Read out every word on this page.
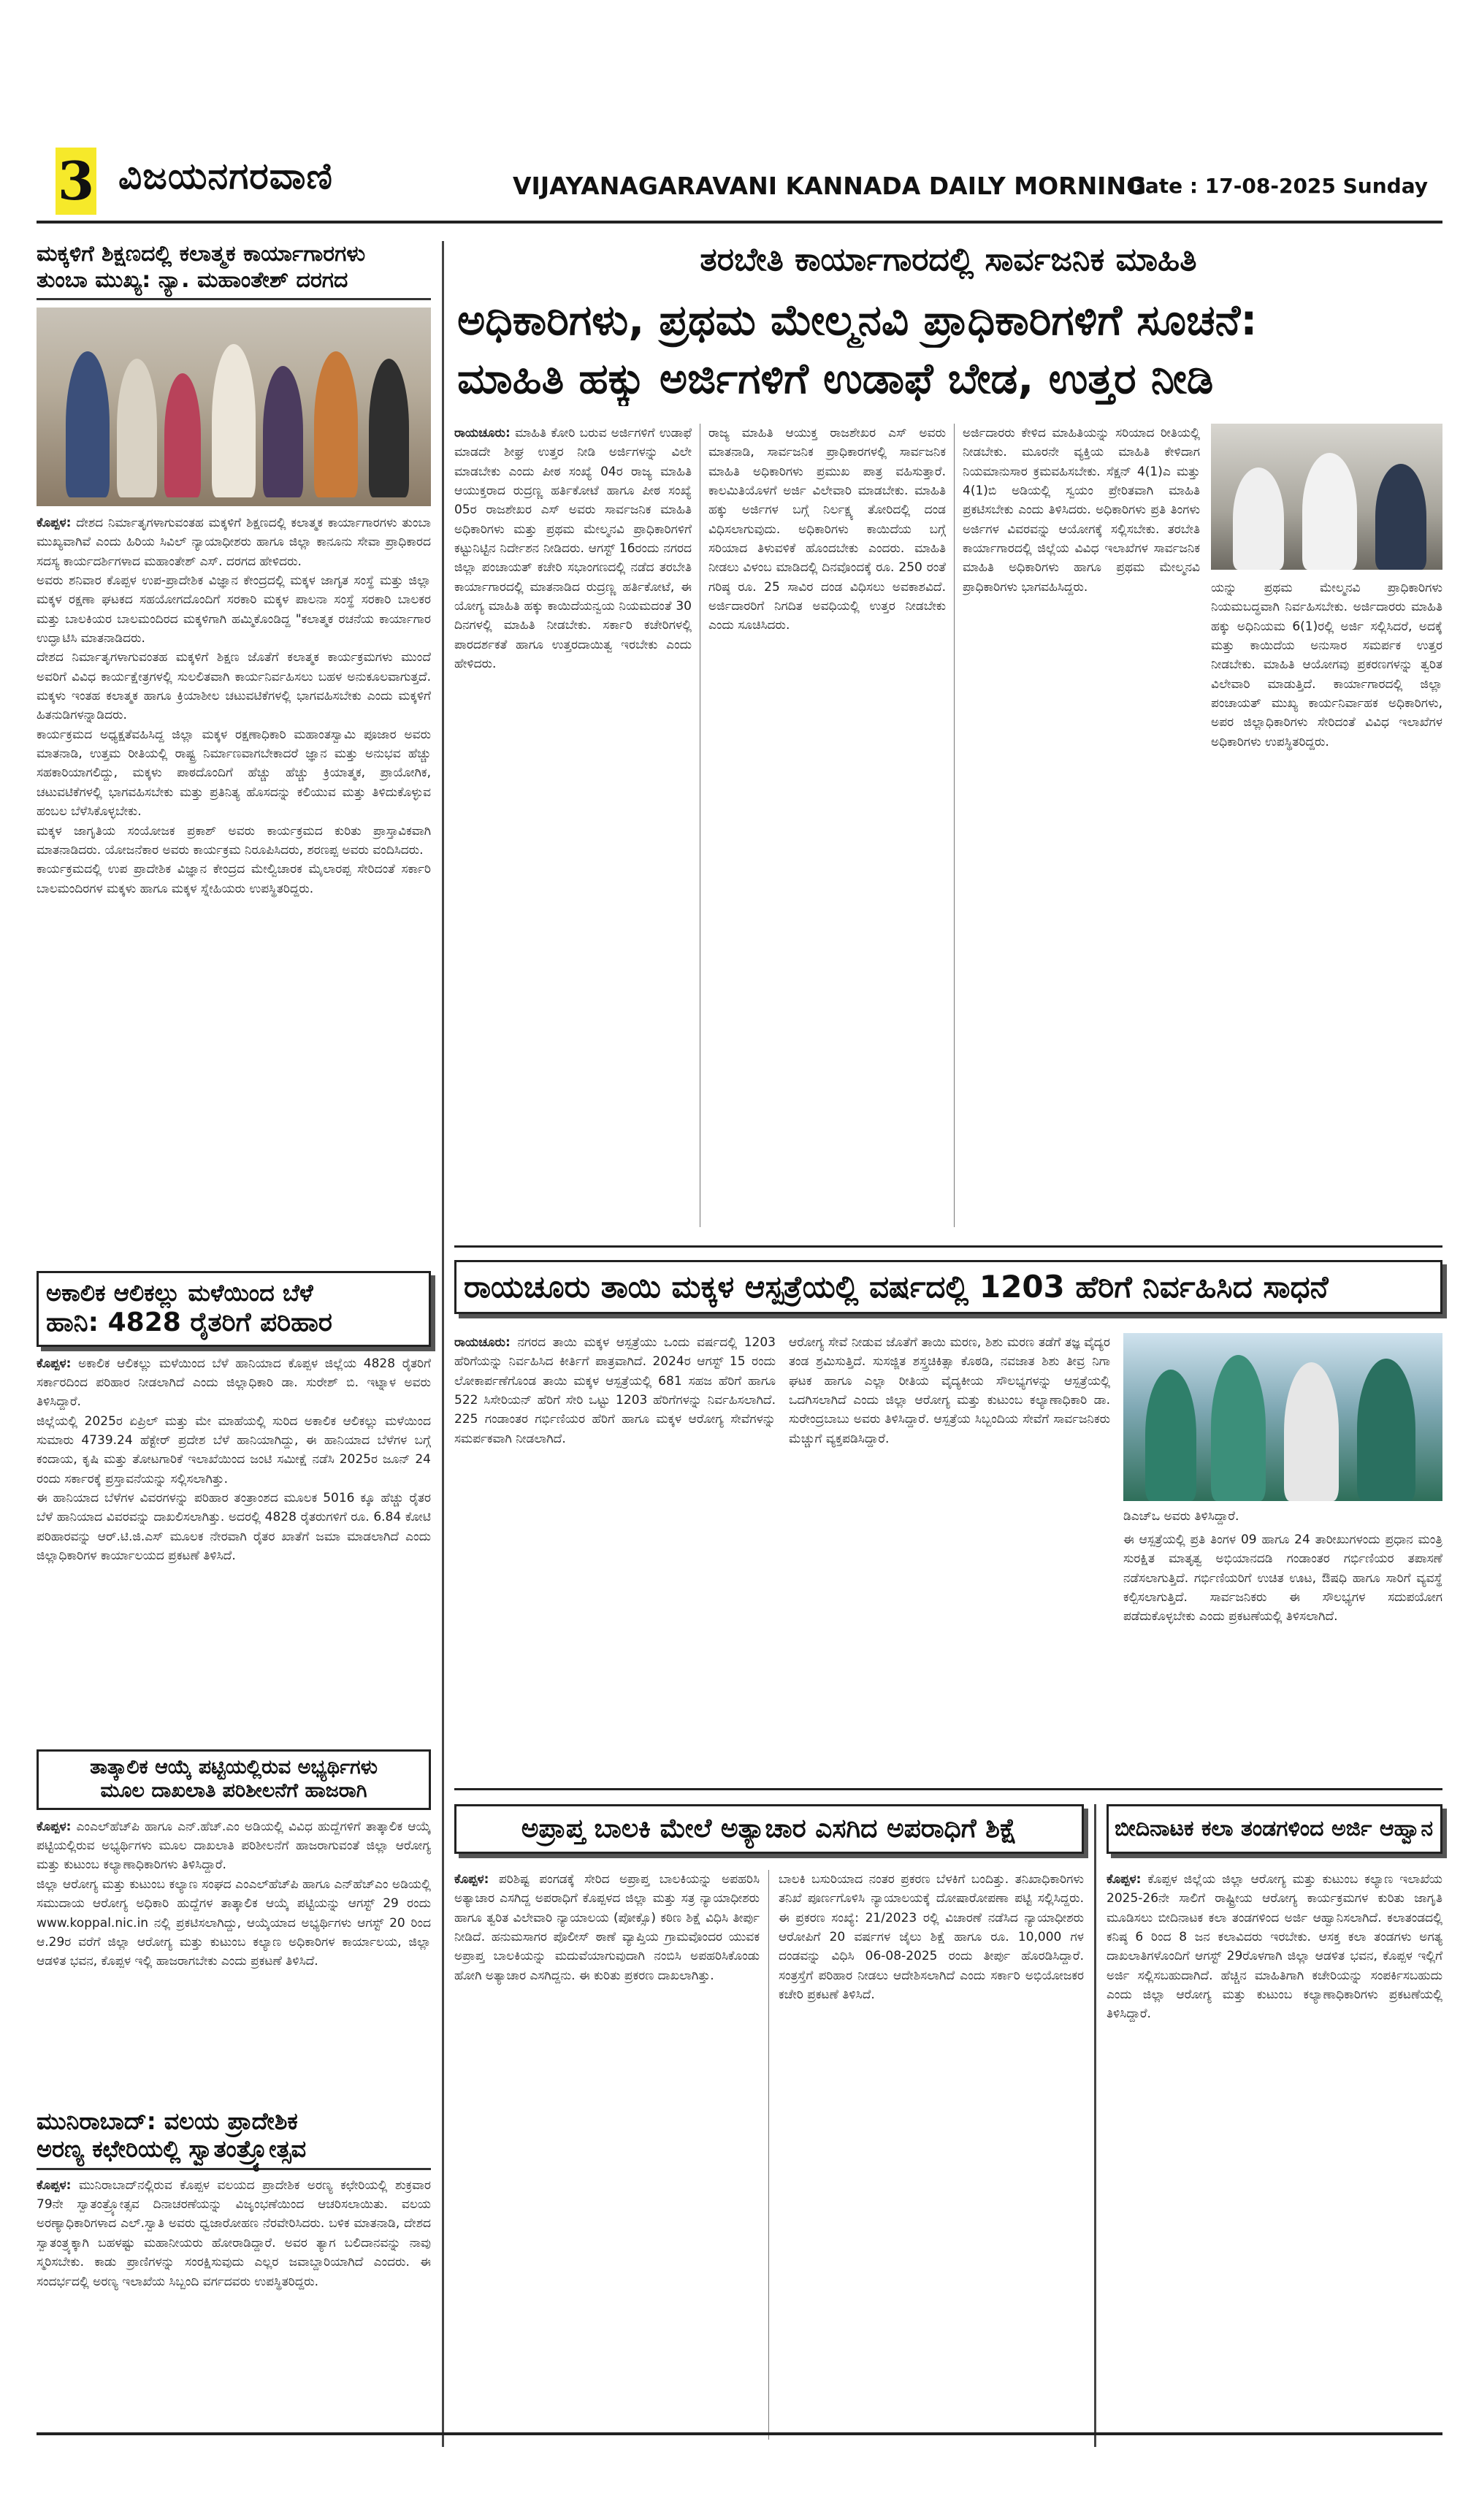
3 ವಿಜಯನಗರವಾಣಿ	VIJAYANAGARAVANI KANNADA DAILY MORNING
Date : 17-08-2025 Sunday
ಮಕ್ಕಳಿಗೆ ಶಿಕ್ಷಣದಲ್ಲಿ ಕಲಾತ್ಮಕ ಕಾರ್ಯಾಗಾರಗಳು
ತುಂಬಾ ಮುಖ್ಯ: ನ್ಯಾ. ಮಹಾಂತೇಶ್ ದರಗದ

ಕೊಪ್ಪಳ: ದೇಶದ ನಿರ್ಮಾತೃಗಳಾಗುವಂತಹ ಮಕ್ಕಳಿಗೆ ಶಿಕ್ಷಣದಲ್ಲಿ ಕಲಾತ್ಮಕ ಕಾರ್ಯಾಗಾರಗಳು ತುಂಬಾ ಮುಖ್ಯವಾಗಿವೆ ಎಂದು ಹಿರಿಯ ಸಿವಿಲ್ ನ್ಯಾಯಾಧೀಶರು ಹಾಗೂ ಜಿಲ್ಲಾ ಕಾನೂನು ಸೇವಾ ಪ್ರಾಧಿಕಾರದ ಸದಸ್ಯ ಕಾರ್ಯದರ್ಶಿಗಳಾದ ಮಹಾಂತೇಶ್ ಎಸ್. ದರಗದ ಹೇಳಿದರು.

ಅವರು ಶನಿವಾರ ಕೊಪ್ಪಳ ಉಪ-ಪ್ರಾದೇಶಿಕ ವಿಜ್ಞಾನ ಕೇಂದ್ರದಲ್ಲಿ ಮಕ್ಕಳ ಜಾಗೃತ ಸಂಸ್ಥೆ ಮತ್ತು ಜಿಲ್ಲಾ ಮಕ್ಕಳ ರಕ್ಷಣಾ ಘಟಕದ ಸಹಯೋಗದೊಂದಿಗೆ ಸರಕಾರಿ ಮಕ್ಕಳ ಪಾಲನಾ ಸಂಸ್ಥೆ ಸರಕಾರಿ ಬಾಲಕರ ಮತ್ತು ಬಾಲಕಿಯರ ಬಾಲಮಂದಿರದ ಮಕ್ಕಳಿಗಾಗಿ ಹಮ್ಮಿಕೊಂಡಿದ್ದ "ಕಲಾತ್ಮಕ ರಚನೆಯ ಕಾರ್ಯಾಗಾರ ಉದ್ಘಾಟಿಸಿ ಮಾತನಾಡಿದರು.

ದೇಶದ ನಿರ್ಮಾತೃಗಳಾಗುವಂತಹ ಮಕ್ಕಳಿಗೆ ಶಿಕ್ಷಣ ಜೊತೆಗೆ ಕಲಾತ್ಮಕ ಕಾರ್ಯಕ್ರಮಗಳು ಮುಂದೆ ಅವರಿಗೆ ವಿವಿಧ ಕಾರ್ಯಕ್ಷೇತ್ರಗಳಲ್ಲಿ ಸುಲಲಿತವಾಗಿ ಕಾರ್ಯನಿರ್ವಹಿಸಲು ಬಹಳ ಅನುಕೂಲವಾಗುತ್ತದೆ. ಮಕ್ಕಳು ಇಂತಹ ಕಲಾತ್ಮಕ ಹಾಗೂ ಕ್ರಿಯಾಶೀಲ ಚಟುವಟಿಕೆಗಳಲ್ಲಿ ಭಾಗವಹಿಸಬೇಕು ಎಂದು ಮಕ್ಕಳಿಗೆ ಹಿತನುಡಿಗಳನ್ನಾಡಿದರು.

ಕಾರ್ಯಕ್ರಮದ ಅಧ್ಯಕ್ಷತೆವಹಿಸಿದ್ದ ಜಿಲ್ಲಾ ಮಕ್ಕಳ ರಕ್ಷಣಾಧಿಕಾರಿ ಮಹಾಂತಸ್ವಾಮಿ ಪೂಜಾರ ಅವರು ಮಾತನಾಡಿ, ಉತ್ತಮ ರೀತಿಯಲ್ಲಿ ರಾಷ್ಟ್ರ ನಿರ್ಮಾಣವಾಗಬೇಕಾದರೆ ಜ್ಞಾನ ಮತ್ತು ಅನುಭವ ಹೆಚ್ಚು ಸಹಕಾರಿಯಾಗಲಿದ್ದು, ಮಕ್ಕಳು ಪಾಠದೊಂದಿಗೆ ಹೆಚ್ಚು ಹೆಚ್ಚು ಕ್ರಿಯಾತ್ಮಕ, ಪ್ರಾಯೋಗಿಕ, ಚಟುವಟಿಕೆಗಳಲ್ಲಿ ಭಾಗವಹಿಸಬೇಕು ಮತ್ತು ಪ್ರತಿನಿತ್ಯ ಹೊಸದನ್ನು ಕಲಿಯುವ ಮತ್ತು ತಿಳಿದುಕೊಳ್ಳುವ ಹಂಬಲ ಬೆಳೆಸಿಕೊಳ್ಳಬೇಕು.

ಮಕ್ಕಳ ಜಾಗೃತಿಯ ಸಂಯೋಜಕ ಪ್ರಕಾಶ್ ಅವರು ಕಾರ್ಯಕ್ರಮದ ಕುರಿತು ಪ್ರಾಸ್ತಾವಿಕವಾಗಿ ಮಾತನಾಡಿದರು. ಯೋಜನೆಕಾರ ಅವರು ಕಾರ್ಯಕ್ರಮ ನಿರೂಪಿಸಿದರು, ಶರಣಪ್ಪ ಅವರು ವಂದಿಸಿದರು.

ಕಾರ್ಯಕ್ರಮದಲ್ಲಿ ಉಪ ಪ್ರಾದೇಶಿಕ ವಿಜ್ಞಾನ ಕೇಂದ್ರದ ಮೇಲ್ವಿಚಾರಕ ಮೈಲಾರಪ್ಪ ಸೇರಿದಂತೆ ಸರ್ಕಾರಿ ಬಾಲಮಂದಿರಗಳ ಮಕ್ಕಳು ಹಾಗೂ ಮಕ್ಕಳ ಸ್ನೇಹಿಯರು ಉಪಸ್ಥಿತರಿದ್ದರು.

ಅಕಾಲಿಕ ಆಲಿಕಲ್ಲು ಮಳೆಯಿಂದ ಬೆಳೆ
ಹಾನಿ: 4828 ರೈತರಿಗೆ ಪರಿಹಾರ

ಕೊಪ್ಪಳ: ಅಕಾಲಿಕ ಆಲಿಕಲ್ಲು ಮಳೆಯಿಂದ ಬೆಳೆ ಹಾನಿಯಾದ ಕೊಪ್ಪಳ ಜಿಲ್ಲೆಯ 4828 ರೈತರಿಗೆ ಸರ್ಕಾರದಿಂದ ಪರಿಹಾರ ನೀಡಲಾಗಿದೆ ಎಂದು ಜಿಲ್ಲಾಧಿಕಾರಿ ಡಾ. ಸುರೇಶ್ ಬಿ. ಇಟ್ನಾಳ ಅವರು ತಿಳಿಸಿದ್ದಾರೆ.

ಜಿಲ್ಲೆಯಲ್ಲಿ 2025ರ ಏಪ್ರಿಲ್ ಮತ್ತು ಮೇ ಮಾಹೆಯಲ್ಲಿ ಸುರಿದ ಅಕಾಲಿಕ ಆಲಿಕಲ್ಲು ಮಳೆಯಿಂದ ಸುಮಾರು 4739.24 ಹೆಕ್ಟೇರ್ ಪ್ರದೇಶ ಬೆಳೆ ಹಾನಿಯಾಗಿದ್ದು, ಈ ಹಾನಿಯಾದ ಬೆಳೆಗಳ ಬಗ್ಗೆ ಕಂದಾಯ, ಕೃಷಿ ಮತ್ತು ತೋಟಗಾರಿಕೆ ಇಲಾಖೆಯಿಂದ ಜಂಟಿ ಸಮೀಕ್ಷೆ ನಡೆಸಿ 2025ರ ಜೂನ್ 24 ರಂದು ಸರ್ಕಾರಕ್ಕೆ ಪ್ರಸ್ತಾವನೆಯನ್ನು ಸಲ್ಲಿಸಲಾಗಿತ್ತು.

ಈ ಹಾನಿಯಾದ ಬೆಳೆಗಳ ವಿವರಗಳನ್ನು ಪರಿಹಾರ ತಂತ್ರಾಂಶದ ಮೂಲಕ 5016 ಕ್ಕೂ ಹೆಚ್ಚು ರೈತರ ಬೆಳೆ ಹಾನಿಯಾದ ವಿವರವನ್ನು ದಾಖಲಿಸಲಾಗಿತ್ತು. ಅದರಲ್ಲಿ 4828 ರೈತರುಗಳಿಗೆ ರೂ. 6.84 ಕೋಟಿ ಪರಿಹಾರವನ್ನು ಆರ್.ಟಿ.ಜಿ.ಎಸ್ ಮೂಲಕ ನೇರವಾಗಿ ರೈತರ ಖಾತೆಗೆ ಜಮಾ ಮಾಡಲಾಗಿದೆ ಎಂದು ಜಿಲ್ಲಾಧಿಕಾರಿಗಳ ಕಾರ್ಯಾಲಯದ ಪ್ರಕಟಣೆ ತಿಳಿಸಿದೆ.

ತಾತ್ಕಾಲಿಕ ಆಯ್ಕೆ ಪಟ್ಟಿಯಲ್ಲಿರುವ ಅಭ್ಯರ್ಥಿಗಳು
ಮೂಲ ದಾಖಲಾತಿ ಪರಿಶೀಲನೆಗೆ ಹಾಜರಾಗಿ

ಕೊಪ್ಪಳ: ಎಂಎಲ್‌ಹೆಚ್‌ಪಿ ಹಾಗೂ ಎನ್.ಹೆಚ್.ಎಂ ಅಡಿಯಲ್ಲಿ ವಿವಿಧ ಹುದ್ದೆಗಳಿಗೆ ತಾತ್ಕಾಲಿಕ ಆಯ್ಕೆ ಪಟ್ಟಿಯಲ್ಲಿರುವ ಅಭ್ಯರ್ಥಿಗಳು ಮೂಲ ದಾಖಲಾತಿ ಪರಿಶೀಲನೆಗೆ ಹಾಜರಾಗುವಂತೆ ಜಿಲ್ಲಾ ಆರೋಗ್ಯ ಮತ್ತು ಕುಟುಂಬ ಕಲ್ಯಾಣಾಧಿಕಾರಿಗಳು ತಿಳಿಸಿದ್ದಾರೆ.

ಜಿಲ್ಲಾ ಆರೋಗ್ಯ ಮತ್ತು ಕುಟುಂಬ ಕಲ್ಯಾಣ ಸಂಘದ ಎಂಎಲ್‌ಹೆಚ್‌ಪಿ ಹಾಗೂ ಎನ್‌ಹೆಚ್‌ಎಂ ಅಡಿಯಲ್ಲಿ ಸಮುದಾಯ ಆರೋಗ್ಯ ಅಧಿಕಾರಿ ಹುದ್ದೆಗಳ ತಾತ್ಕಾಲಿಕ ಆಯ್ಕೆ ಪಟ್ಟಿಯನ್ನು ಆಗಸ್ಟ್ 29 ರಂದು www.koppal.nic.in ನಲ್ಲಿ ಪ್ರಕಟಿಸಲಾಗಿದ್ದು, ಆಯ್ಕೆಯಾದ ಅಭ್ಯರ್ಥಿಗಳು ಆಗಸ್ಟ್ 20 ರಿಂದ ಆ.29ರ ವರೆಗೆ ಜಿಲ್ಲಾ ಆರೋಗ್ಯ ಮತ್ತು ಕುಟುಂಬ ಕಲ್ಯಾಣ ಅಧಿಕಾರಿಗಳ ಕಾರ್ಯಾಲಯ, ಜಿಲ್ಲಾ ಆಡಳಿತ ಭವನ, ಕೊಪ್ಪಳ ಇಲ್ಲಿ ಹಾಜರಾಗಬೇಕು ಎಂದು ಪ್ರಕಟಣೆ ತಿಳಿಸಿದೆ.

ಮುನಿರಾಬಾದ್: ವಲಯ ಪ್ರಾದೇಶಿಕ
ಅರಣ್ಯ ಕಛೇರಿಯಲ್ಲಿ ಸ್ವಾತಂತ್ರ್ಯೋತ್ಸವ

ಕೊಪ್ಪಳ: ಮುನಿರಾಬಾದ್‌ನಲ್ಲಿರುವ ಕೊಪ್ಪಳ ವಲಯದ ಪ್ರಾದೇಶಿಕ ಅರಣ್ಯ ಕಛೇರಿಯಲ್ಲಿ ಶುಕ್ರವಾರ 79ನೇ ಸ್ವಾತಂತ್ರ್ಯೋತ್ಸವ ದಿನಾಚರಣೆಯನ್ನು ವಿಜೃಂಭಣೆಯಿಂದ ಆಚರಿಸಲಾಯಿತು. ವಲಯ ಅರಣ್ಯಾಧಿಕಾರಿಗಳಾದ ಎಲ್.ಸ್ವಾತಿ ಅವರು ಧ್ವಜಾರೋಹಣ ನೆರವೇರಿಸಿದರು. ಬಳಿಕ ಮಾತನಾಡಿ, ದೇಶದ ಸ್ವಾತಂತ್ರ್ಯಕ್ಕಾಗಿ ಬಹಳಷ್ಟು ಮಹಾನೀಯರು ಹೋರಾಡಿದ್ದಾರೆ. ಅವರ ತ್ಯಾಗ ಬಲಿದಾನವನ್ನು ನಾವು ಸ್ಮರಿಸಬೇಕು. ಕಾಡು ಪ್ರಾಣಿಗಳನ್ನು ಸಂರಕ್ಷಿಸುವುದು ಎಲ್ಲರ ಜವಾಬ್ದಾರಿಯಾಗಿದೆ ಎಂದರು. ಈ ಸಂದರ್ಭದಲ್ಲಿ ಅರಣ್ಯ ಇಲಾಖೆಯ ಸಿಬ್ಬಂದಿ ವರ್ಗದವರು ಉಪಸ್ಥಿತರಿದ್ದರು.

ತರಬೇತಿ ಕಾರ್ಯಾಗಾರದಲ್ಲಿ ಸಾರ್ವಜನಿಕ ಮಾಹಿತಿ
ಅಧಿಕಾರಿಗಳು, ಪ್ರಥಮ ಮೇಲ್ಮನವಿ ಪ್ರಾಧಿಕಾರಿಗಳಿಗೆ ಸೂಚನೆ:
ಮಾಹಿತಿ ಹಕ್ಕು ಅರ್ಜಿಗಳಿಗೆ ಉಡಾಫೆ ಬೇಡ, ಉತ್ತರ ನೀಡಿ

ರಾಯಚೂರು: ಮಾಹಿತಿ ಕೋರಿ ಬರುವ ಅರ್ಜಿಗಳಿಗೆ ಉಡಾಫೆ ಮಾಡದೇ ಶೀಘ್ರ ಉತ್ತರ ನೀಡಿ ಅರ್ಜಿಗಳನ್ನು ವಿಲೇ ಮಾಡಬೇಕು ಎಂದು ಪೀಠ ಸಂಖ್ಯೆ 04ರ ರಾಜ್ಯ ಮಾಹಿತಿ ಆಯುಕ್ತರಾದ ರುದ್ರಣ್ಣ ಹರ್ತಿಕೋಟೆ ಹಾಗೂ ಪೀಠ ಸಂಖ್ಯೆ 05ರ ರಾಜಶೇಖರ ಎಸ್ ಅವರು ಸಾರ್ವಜನಿಕ ಮಾಹಿತಿ ಅಧಿಕಾರಿಗಳು ಮತ್ತು ಪ್ರಥಮ ಮೇಲ್ಮನವಿ ಪ್ರಾಧಿಕಾರಿಗಳಿಗೆ ಕಟ್ಟುನಿಟ್ಟಿನ ನಿರ್ದೇಶನ ನೀಡಿದರು. ಆಗಸ್ಟ್ 16ರಂದು ನಗರದ ಜಿಲ್ಲಾ ಪಂಚಾಯತ್ ಕಚೇರಿ ಸಭಾಂಗಣದಲ್ಲಿ ನಡೆದ ತರಬೇತಿ ಕಾರ್ಯಾಗಾರದಲ್ಲಿ ಮಾತನಾಡಿದ ರುದ್ರಣ್ಣ ಹರ್ತಿಕೋಟೆ, ಈ ಯೋಗ್ಯ ಮಾಹಿತಿ ಹಕ್ಕು ಕಾಯಿದೆಯನ್ವಯ ನಿಯಮದಂತೆ 30 ದಿನಗಳಲ್ಲಿ ಮಾಹಿತಿ ನೀಡಬೇಕು. ಸರ್ಕಾರಿ ಕಚೇರಿಗಳಲ್ಲಿ ಪಾರದರ್ಶಕತೆ ಹಾಗೂ ಉತ್ತರದಾಯಿತ್ವ ಇರಬೇಕು ಎಂದು ಹೇಳಿದರು.

ರಾಜ್ಯ ಮಾಹಿತಿ ಆಯುಕ್ತ ರಾಜಶೇಖರ ಎಸ್ ಅವರು ಮಾತನಾಡಿ, ಸಾರ್ವಜನಿಕ ಪ್ರಾಧಿಕಾರಗಳಲ್ಲಿ ಸಾರ್ವಜನಿಕ ಮಾಹಿತಿ ಅಧಿಕಾರಿಗಳು ಪ್ರಮುಖ ಪಾತ್ರ ವಹಿಸುತ್ತಾರೆ. ಕಾಲಮಿತಿಯೊಳಗೆ ಅರ್ಜಿ ವಿಲೇವಾರಿ ಮಾಡಬೇಕು. ಮಾಹಿತಿ ಹಕ್ಕು ಅರ್ಜಿಗಳ ಬಗ್ಗೆ ನಿರ್ಲಕ್ಷ್ಯ ತೋರಿದಲ್ಲಿ ದಂಡ ವಿಧಿಸಲಾಗುವುದು. ಅಧಿಕಾರಿಗಳು ಕಾಯಿದೆಯ ಬಗ್ಗೆ ಸರಿಯಾದ ತಿಳುವಳಿಕೆ ಹೊಂದಬೇಕು ಎಂದರು. ಮಾಹಿತಿ ನೀಡಲು ವಿಳಂಬ ಮಾಡಿದಲ್ಲಿ ದಿನವೊಂದಕ್ಕೆ ರೂ. 250 ರಂತೆ ಗರಿಷ್ಠ ರೂ. 25 ಸಾವಿರ ದಂಡ ವಿಧಿಸಲು ಅವಕಾಶವಿದೆ. ಅರ್ಜಿದಾರರಿಗೆ ನಿಗದಿತ ಅವಧಿಯಲ್ಲಿ ಉತ್ತರ ನೀಡಬೇಕು ಎಂದು ಸೂಚಿಸಿದರು.

ಅರ್ಜಿದಾರರು ಕೇಳಿದ ಮಾಹಿತಿಯನ್ನು ಸರಿಯಾದ ರೀತಿಯಲ್ಲಿ ನೀಡಬೇಕು. ಮೂರನೇ ವ್ಯಕ್ತಿಯ ಮಾಹಿತಿ ಕೇಳಿದಾಗ ನಿಯಮಾನುಸಾರ ಕ್ರಮವಹಿಸಬೇಕು. ಸೆಕ್ಷನ್ 4(1)ಎ ಮತ್ತು 4(1)ಬಿ ಅಡಿಯಲ್ಲಿ ಸ್ವಯಂ ಪ್ರೇರಿತವಾಗಿ ಮಾಹಿತಿ ಪ್ರಕಟಿಸಬೇಕು ಎಂದು ತಿಳಿಸಿದರು. ಅಧಿಕಾರಿಗಳು ಪ್ರತಿ ತಿಂಗಳು ಅರ್ಜಿಗಳ ವಿವರವನ್ನು ಆಯೋಗಕ್ಕೆ ಸಲ್ಲಿಸಬೇಕು. ತರಬೇತಿ ಕಾರ್ಯಾಗಾರದಲ್ಲಿ ಜಿಲ್ಲೆಯ ವಿವಿಧ ಇಲಾಖೆಗಳ ಸಾರ್ವಜನಿಕ ಮಾಹಿತಿ ಅಧಿಕಾರಿಗಳು ಹಾಗೂ ಪ್ರಥಮ ಮೇಲ್ಮನವಿ ಪ್ರಾಧಿಕಾರಿಗಳು ಭಾಗವಹಿಸಿದ್ದರು.	ಯನ್ನು ಪ್ರಥಮ ಮೇಲ್ಮನವಿ ಪ್ರಾಧಿಕಾರಿಗಳು ನಿಯಮಬದ್ಧವಾಗಿ ನಿರ್ವಹಿಸಬೇಕು. ಅರ್ಜಿದಾರರು ಮಾಹಿತಿ ಹಕ್ಕು ಅಧಿನಿಯಮ 6(1)ರಲ್ಲಿ ಅರ್ಜಿ ಸಲ್ಲಿಸಿದರೆ, ಅದಕ್ಕೆ ಮತ್ತು ಕಾಯಿದೆಯ ಅನುಸಾರ ಸಮರ್ಪಕ ಉತ್ತರ ನೀಡಬೇಕು. ಮಾಹಿತಿ ಆಯೋಗವು ಪ್ರಕರಣಗಳನ್ನು ತ್ವರಿತ ವಿಲೇವಾರಿ ಮಾಡುತ್ತಿದೆ. ಕಾರ್ಯಾಗಾರದಲ್ಲಿ ಜಿಲ್ಲಾ ಪಂಚಾಯತ್ ಮುಖ್ಯ ಕಾರ್ಯನಿರ್ವಾಹಕ ಅಧಿಕಾರಿಗಳು, ಅಪರ ಜಿಲ್ಲಾಧಿಕಾರಿಗಳು ಸೇರಿದಂತೆ ವಿವಿಧ ಇಲಾಖೆಗಳ ಅಧಿಕಾರಿಗಳು ಉಪಸ್ಥಿತರಿದ್ದರು.

ರಾಯಚೂರು ತಾಯಿ ಮಕ್ಕಳ ಆಸ್ಪತ್ರೆಯಲ್ಲಿ ವರ್ಷದಲ್ಲಿ 1203 ಹೆರಿಗೆ ನಿರ್ವಹಿಸಿದ ಸಾಧನೆ

ರಾಯಚೂರು: ನಗರದ ತಾಯಿ ಮಕ್ಕಳ ಆಸ್ಪತ್ರೆಯು ಒಂದು ವರ್ಷದಲ್ಲಿ 1203 ಹೆರಿಗೆಯನ್ನು ನಿರ್ವಹಿಸಿದ ಕೀರ್ತಿಗೆ ಪಾತ್ರವಾಗಿದೆ. 2024ರ ಆಗಸ್ಟ್ 15 ರಂದು ಲೋಕಾರ್ಪಣೆಗೊಂಡ ತಾಯಿ ಮಕ್ಕಳ ಆಸ್ಪತ್ರೆಯಲ್ಲಿ 681 ಸಹಜ ಹೆರಿಗೆ ಹಾಗೂ 522 ಸಿಸೇರಿಯನ್ ಹೆರಿಗೆ ಸೇರಿ ಒಟ್ಟು 1203 ಹೆರಿಗೆಗಳನ್ನು ನಿರ್ವಹಿಸಲಾಗಿದೆ. 225 ಗಂಡಾಂತರ ಗರ್ಭಿಣಿಯರ ಹೆರಿಗೆ ಹಾಗೂ ಮಕ್ಕಳ ಆರೋಗ್ಯ ಸೇವೆಗಳನ್ನು ಸಮರ್ಪಕವಾಗಿ ನೀಡಲಾಗಿದೆ.

ಆರೋಗ್ಯ ಸೇವೆ ನೀಡುವ ಜೊತೆಗೆ ತಾಯಿ ಮರಣ, ಶಿಶು ಮರಣ ತಡೆಗೆ ತಜ್ಞ ವೈದ್ಯರ ತಂಡ ಶ್ರಮಿಸುತ್ತಿದೆ. ಸುಸಜ್ಜಿತ ಶಸ್ತ್ರಚಿಕಿತ್ಸಾ ಕೊಠಡಿ, ನವಜಾತ ಶಿಶು ತೀವ್ರ ನಿಗಾ ಘಟಕ ಹಾಗೂ ಎಲ್ಲಾ ರೀತಿಯ ವೈದ್ಯಕೀಯ ಸೌಲಭ್ಯಗಳನ್ನು ಆಸ್ಪತ್ರೆಯಲ್ಲಿ ಒದಗಿಸಲಾಗಿದೆ ಎಂದು ಜಿಲ್ಲಾ ಆರೋಗ್ಯ ಮತ್ತು ಕುಟುಂಬ ಕಲ್ಯಾಣಾಧಿಕಾರಿ ಡಾ. ಸುರೇಂದ್ರಬಾಬು ಅವರು ತಿಳಿಸಿದ್ದಾರೆ. ಆಸ್ಪತ್ರೆಯ ಸಿಬ್ಬಂದಿಯ ಸೇವೆಗೆ ಸಾರ್ವಜನಿಕರು ಮೆಚ್ಚುಗೆ ವ್ಯಕ್ತಪಡಿಸಿದ್ದಾರೆ.

ಡಿಎಚ್‌ಒ ಅವರು ತಿಳಿಸಿದ್ದಾರೆ.

ಈ ಆಸ್ಪತ್ರೆಯಲ್ಲಿ ಪ್ರತಿ ತಿಂಗಳ 09 ಹಾಗೂ 24 ತಾರೀಖುಗಳಂದು ಪ್ರಧಾನ ಮಂತ್ರಿ ಸುರಕ್ಷಿತ ಮಾತೃತ್ವ ಅಭಿಯಾನದಡಿ ಗಂಡಾಂತರ ಗರ್ಭಿಣಿಯರ ತಪಾಸಣೆ ನಡೆಸಲಾಗುತ್ತಿದೆ. ಗರ್ಭಿಣಿಯರಿಗೆ ಉಚಿತ ಊಟ, ಔಷಧಿ ಹಾಗೂ ಸಾರಿಗೆ ವ್ಯವಸ್ಥೆ ಕಲ್ಪಿಸಲಾಗುತ್ತಿದೆ. ಸಾರ್ವಜನಿಕರು ಈ ಸೌಲಭ್ಯಗಳ ಸದುಪಯೋಗ ಪಡೆದುಕೊಳ್ಳಬೇಕು ಎಂದು ಪ್ರಕಟಣೆಯಲ್ಲಿ ತಿಳಿಸಲಾಗಿದೆ.

ಅಪ್ರಾಪ್ತ ಬಾಲಕಿ ಮೇಲೆ ಅತ್ಯಾಚಾರ ಎಸಗಿದ ಅಪರಾಧಿಗೆ ಶಿಕ್ಷೆ

ಕೊಪ್ಪಳ: ಪರಿಶಿಷ್ಟ ಪಂಗಡಕ್ಕೆ ಸೇರಿದ ಅಪ್ರಾಪ್ತ ಬಾಲಕಿಯನ್ನು ಅಪಹರಿಸಿ ಅತ್ಯಾಚಾರ ಎಸಗಿದ್ದ ಅಪರಾಧಿಗೆ ಕೊಪ್ಪಳದ ಜಿಲ್ಲಾ ಮತ್ತು ಸತ್ರ ನ್ಯಾಯಾಧೀಶರು ಹಾಗೂ ತ್ವರಿತ ವಿಲೇವಾರಿ ನ್ಯಾಯಾಲಯ (ಪೋಕ್ಸೊ) ಕಠಿಣ ಶಿಕ್ಷೆ ವಿಧಿಸಿ ತೀರ್ಪು ನೀಡಿದೆ. ಹನುಮಸಾಗರ ಪೊಲೀಸ್ ಠಾಣೆ ವ್ಯಾಪ್ತಿಯ ಗ್ರಾಮವೊಂದರ ಯುವಕ ಅಪ್ರಾಪ್ತ ಬಾಲಕಿಯನ್ನು ಮದುವೆಯಾಗುವುದಾಗಿ ನಂಬಿಸಿ ಅಪಹರಿಸಿಕೊಂಡು ಹೋಗಿ ಅತ್ಯಾಚಾರ ಎಸಗಿದ್ದನು. ಈ ಕುರಿತು ಪ್ರಕರಣ ದಾಖಲಾಗಿತ್ತು.

ಬಾಲಕಿ ಬಸುರಿಯಾದ ನಂತರ ಪ್ರಕರಣ ಬೆಳಕಿಗೆ ಬಂದಿತ್ತು. ತನಿಖಾಧಿಕಾರಿಗಳು ತನಿಖೆ ಪೂರ್ಣಗೊಳಿಸಿ ನ್ಯಾಯಾಲಯಕ್ಕೆ ದೋಷಾರೋಪಣಾ ಪಟ್ಟಿ ಸಲ್ಲಿಸಿದ್ದರು. ಈ ಪ್ರಕರಣ ಸಂಖ್ಯೆ: 21/2023 ರಲ್ಲಿ ವಿಚಾರಣೆ ನಡೆಸಿದ ನ್ಯಾಯಾಧೀಶರು ಆರೋಪಿಗೆ 20 ವರ್ಷಗಳ ಜೈಲು ಶಿಕ್ಷೆ ಹಾಗೂ ರೂ. 10,000 ಗಳ ದಂಡವನ್ನು ವಿಧಿಸಿ 06-08-2025 ರಂದು ತೀರ್ಪು ಹೊರಡಿಸಿದ್ದಾರೆ. ಸಂತ್ರಸ್ತೆಗೆ ಪರಿಹಾರ ನೀಡಲು ಆದೇಶಿಸಲಾಗಿದೆ ಎಂದು ಸರ್ಕಾರಿ ಅಭಿಯೋಜಕರ ಕಚೇರಿ ಪ್ರಕಟಣೆ ತಿಳಿಸಿದೆ.

ಬೀದಿನಾಟಕ ಕಲಾ ತಂಡಗಳಿಂದ ಅರ್ಜಿ ಆಹ್ವಾನ

ಕೊಪ್ಪಳ: ಕೊಪ್ಪಳ ಜಿಲ್ಲೆಯ ಜಿಲ್ಲಾ ಆರೋಗ್ಯ ಮತ್ತು ಕುಟುಂಬ ಕಲ್ಯಾಣ ಇಲಾಖೆಯ 2025-26ನೇ ಸಾಲಿಗೆ ರಾಷ್ಟ್ರೀಯ ಆರೋಗ್ಯ ಕಾರ್ಯಕ್ರಮಗಳ ಕುರಿತು ಜಾಗೃತಿ ಮೂಡಿಸಲು ಬೀದಿನಾಟಕ ಕಲಾ ತಂಡಗಳಿಂದ ಅರ್ಜಿ ಆಹ್ವಾನಿಸಲಾಗಿದೆ. ಕಲಾತಂಡದಲ್ಲಿ ಕನಿಷ್ಠ 6 ರಿಂದ 8 ಜನ ಕಲಾವಿದರು ಇರಬೇಕು. ಆಸಕ್ತ ಕಲಾ ತಂಡಗಳು ಅಗತ್ಯ ದಾಖಲಾತಿಗಳೊಂದಿಗೆ ಆಗಸ್ಟ್ 29ರೊಳಗಾಗಿ ಜಿಲ್ಲಾ ಆಡಳಿತ ಭವನ, ಕೊಪ್ಪಳ ಇಲ್ಲಿಗೆ ಅರ್ಜಿ ಸಲ್ಲಿಸಬಹುದಾಗಿದೆ. ಹೆಚ್ಚಿನ ಮಾಹಿತಿಗಾಗಿ ಕಚೇರಿಯನ್ನು ಸಂಪರ್ಕಿಸಬಹುದು ಎಂದು ಜಿಲ್ಲಾ ಆರೋಗ್ಯ ಮತ್ತು ಕುಟುಂಬ ಕಲ್ಯಾಣಾಧಿಕಾರಿಗಳು ಪ್ರಕಟಣೆಯಲ್ಲಿ ತಿಳಿಸಿದ್ದಾರೆ.
